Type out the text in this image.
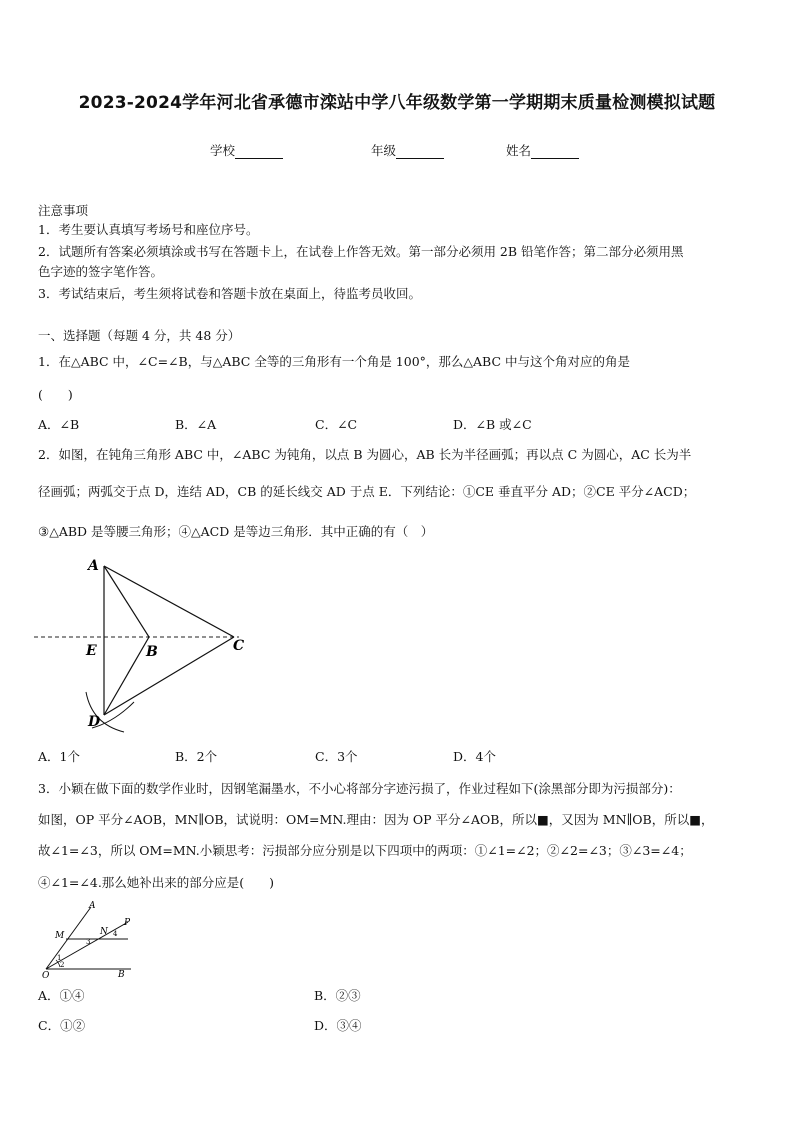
2023-2024学年河北省承德市滦站中学八年级数学第一学期期末质量检测模拟试题
学校	年级	姓名
注意事项
1．考生要认真填写考场号和座位序号。
2．试题所有答案必须填涂或书写在答题卡上，在试卷上作答无效。第一部分必须用 2B 铅笔作答；第二部分必须用黑
色字迹的签字笔作答。
3．考试结束后，考生须将试卷和答题卡放在桌面上，待监考员收回。
一、选择题（每题 4 分，共 48 分）
1．在△ABC 中，∠C=∠B，与△ABC 全等的三角形有一个角是 100°，那么△ABC 中与这个角对应的角是
(　　)
A．∠B	B．∠A	C．∠C	D．∠B 或∠C
2．如图，在钝角三角形 ABC 中，∠ABC 为钝角，以点 B 为圆心，AB 长为半径画弧；再以点 C 为圆心，AC 长为半
径画弧；两弧交于点 D，连结 AD，CB 的延长线交 AD 于点 E．下列结论：①CE 垂直平分 AD；②CE 平分∠ACD；
③△ABD 是等腰三角形；④△ACD 是等边三角形．其中正确的有（　）
A
E	B	C
D
A．1个	B．2个	C．3个	D．4个
3．小颖在做下面的数学作业时，因钢笔漏墨水，不小心将部分字迹污损了，作业过程如下(涂黑部分即为污损部分)：
如图，OP 平分∠AOB，MN∥OB，试说明：OM=MN.理由：因为 OP 平分∠AOB，所以■，又因为 MN∥OB，所以■，
故∠1=∠3，所以 OM=MN.小颖思考：污损部分应分别是以下四项中的两项：①∠1=∠2；②∠2=∠3；③∠3=∠4；
④∠1=∠4.那么她补出来的部分应是(　　)
A
M	N
P
3
4
1
2
O	B
A．①④	B．②③
C．①②	D．③④
